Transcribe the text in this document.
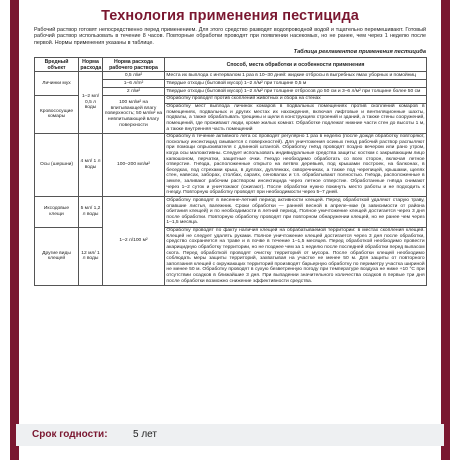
Технология применения пестицида
Рабочий раствор готовят непосредственно перед применением. Для этого средство разводят водопроводной водой и тщательно перемешивают. Готовый рабочий раствор использовать в течение 8 часов. Повторные обработки проводят при появлении насекомых, но не ранее, чем через 1 неделю после первой. Нормы применения указаны в таблице.
Таблица регламентов применения пестицида
Вредный объект	Норма расхода	Норма расхода рабочего раствора	Способ, места обработки и особенности применения
Личинки мух	1–2 мл/ 0,5 л воды	0,5 л/м²	Места их выплода с интервалом 1 раз в 10–30 дней: жидкие отбросы в выгребных ямах уборных и помойниц
		1–6 л/m²	Твердые отходы (бытовой мусор) 1–2 л/м² при толщине 0,5 м
		2 л/м²	Твердые отходы (бытовой мусор) 1–2 л/м² при толщине отбросов до 50 см и 3–6 л/м² при толщине более 50 см
Кровососущие комары		100 мл/м² на впитывающей влагу поверхность; 50 мл/м² на невпитывающей влагу поверхности	Обработку проводят против скоплений животных и сбора на стенах
			Обработку мест выплода личинок комаров в подвальных помещениях против скоплений комаров в помещениях, подвальных и других местах их нахождения, включая лифтовые и вентиляционные шахты, подвалы, а также обрабатывать трещины и щели в конструкциях строений и зданий, а также стены сооружений, помещений, где проживают люди, кроме жилых комнат. Обработке подлежат нижние части стен до высоты 1 м, а также внутренняя часть помещений
Осы (шершни)	4 мл/ 1 л воды	100–200 мл/м²	Обработку в течение активного лета ос проводят регулярно 1 раз в неделю (после дождя обработку повторяют, поскольку инсектицид смывается с поверхностей). Для уничтожения осиных гнезд рабочий раствор распыляют при помощи опрыскивателя с длинной штангой. Обработку гнёзд проводят поздно вечером или рано утром, когда осы малоактивны. Следует использовать индивидуальные средства защиты: костюм с закрывающим лицо капюшоном, перчатки, защитные очки. Гнездо необходимо обработать со всех сторон, включая летное отверстие. Гнёзда, расположенные открыто на ветвях деревьев, под крышами построек, на балконах, в беседках, под стрехами крыш, в дуплах, дуплянках, скворечниках, а также под черепицей, крышами, щелях стен, навесах, заборах, столбах, сараях, сеновалах и т.п. обрабатывают полностью. Гнёзда, расположенные в земле, заливают рабочим раствором инсектицида через летное отверстие. Обработанные гнёзда снимают через 1–2 суток и уничтожают (сжигают). После обработки нужно покинуть место работы и не подходить к гнезду. Повторную обработку проводят при необходимости через 5–7 дней.
Иксодовые клещи	5 мл/ 1,2 л воды	1–2 л/100 м²	Обработку проводят в весенне-летний период активности клещей. Перед обработкой удаляют старую траву, опавшие листья, валежник. Сроки обработки — ранней весной в апреле–мае (в зависимости от района обитания клещей) и по необходимости в летний период. Полное уничтожение клещей достигается через 3 дня после обработки. Повторную обработку проводят при повторном обнаружении клещей, но не ранее чем через 1–1,5 месяца.
Другие виды клещей	12 мл/ 1 л воды		Обработку проводят по факту наличия клещей на обрабатываемой территории: в местах скопления клещей. Клещей не следует удалять руками. Полное уничтожение клещей достигается через 3 дня после обработки, средство сохраняется на траве и в почве в течение 1–1,5 месяцев. Перед обработкой необходимо провести акарицидную обработку территории, но не позднее чем за 1 неделю после последней обработки перед выпасом скота. Перед обработкой проводят очистку территорий от мусора. После обработки клещей необходимо соблюдать меры защиты территорий, захватывая на участке не менее 50 м. Для защиты от повторного заползания клещей с окружающих территорий производят барьерную обработку по периметру участка шириной не менее 50 м. Обработку проводят в сухую безветренную погоду при температуре воздуха не ниже +10 °С при отсутствии осадков в ближайшие 3 дня. При выпадении значительного количества осадков в первые три дня после обработки возможно снижение эффективности средства.
Срок годности:	5 лет
